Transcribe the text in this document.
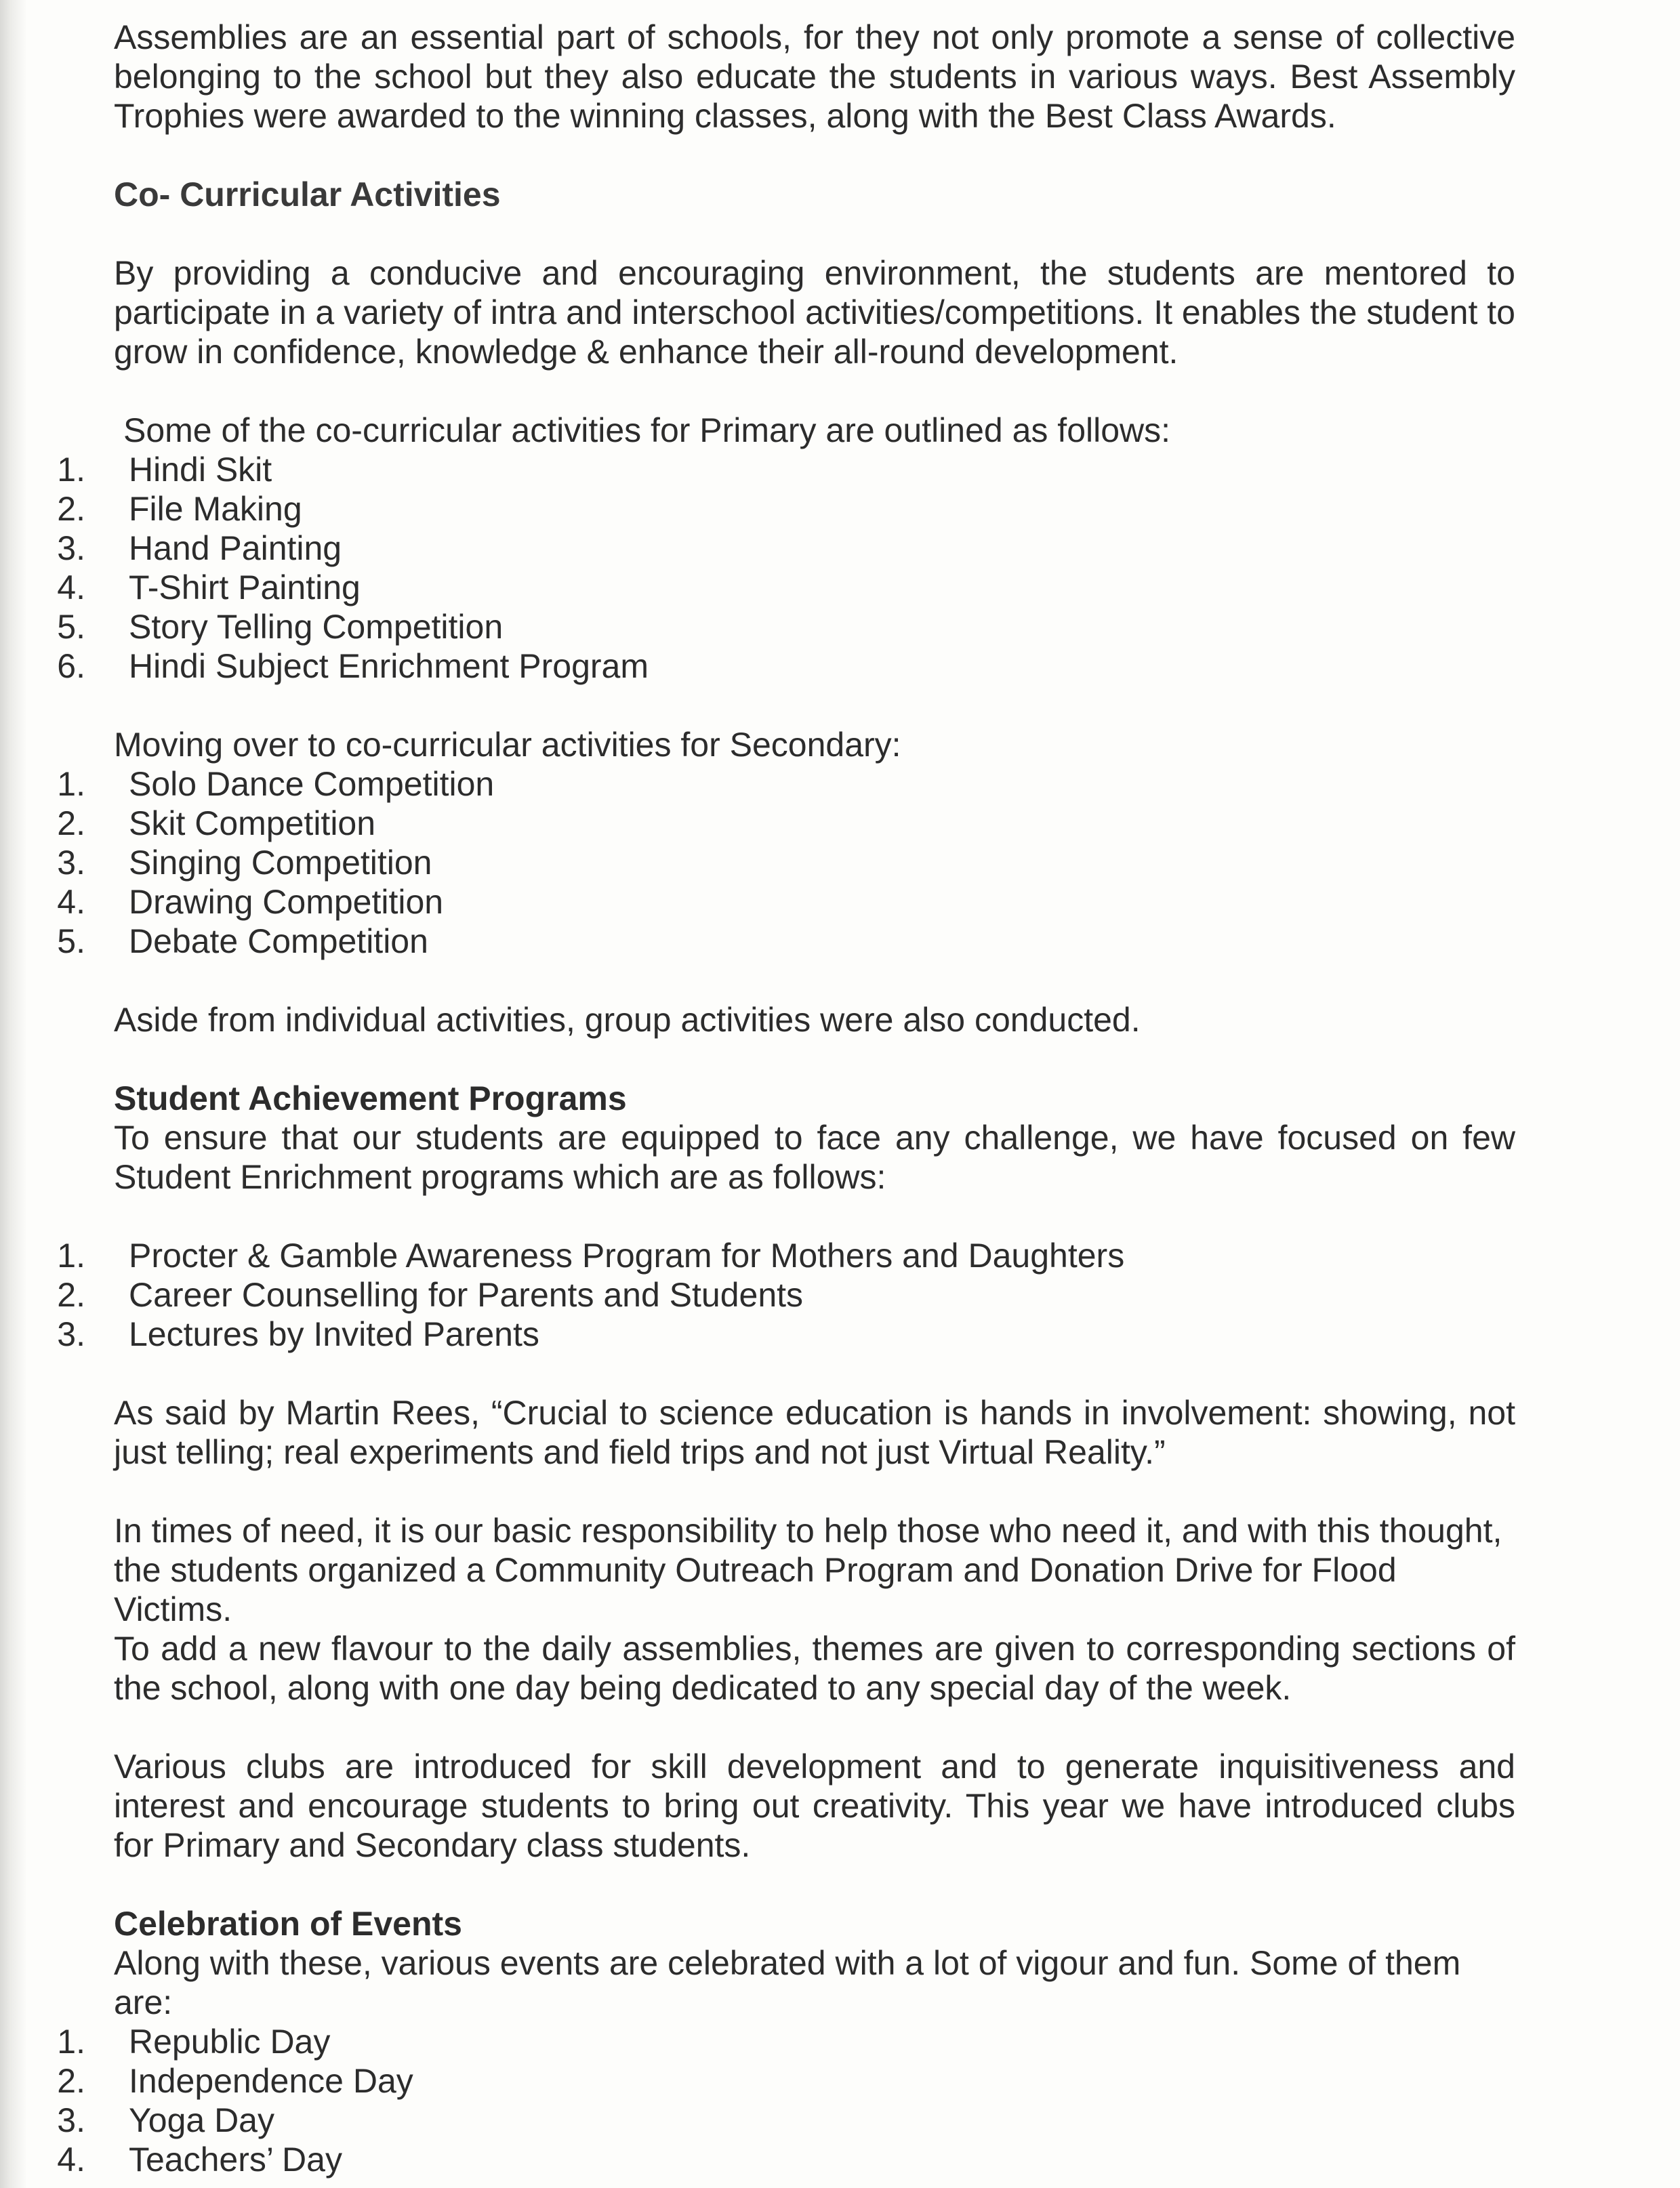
Assemblies are an essential part of schools, for they not only promote a sense of collective belonging to the school but they also educate the students in various ways. Best Assembly Trophies were awarded to the winning classes, along with the Best Class Awards.

Co- Curricular Activities

By providing a conducive and encouraging environment, the students are mentored to participate in a variety of intra and interschool activities/competitions. It enables the student to grow in confidence, knowledge & enhance their all-round development.

Some of the co-curricular activities for Primary are outlined as follows:

1. Hindi Skit
2. File Making
3. Hand Painting
4. T-Shirt Painting
5. Story Telling Competition
6. Hindi Subject Enrichment Program

Moving over to co-curricular activities for Secondary:

1. Solo Dance Competition
2. Skit Competition
3. Singing Competition
4. Drawing Competition
5. Debate Competition

Aside from individual activities, group activities were also conducted.

Student Achievement Programs

To ensure that our students are equipped to face any challenge, we have focused on few Student Enrichment programs which are as follows:

1. Procter & Gamble Awareness Program for Mothers and Daughters
2. Career Counselling for Parents and Students
3. Lectures by Invited Parents

As said by Martin Rees, “Crucial to science education is hands in involvement: showing, not just telling; real experiments and field trips and not just Virtual Reality.”

In times of need, it is our basic responsibility to help those who need it, and with this thought, the students organized a Community Outreach Program and Donation Drive for Flood Victims.

To add a new flavour to the daily assemblies, themes are given to corresponding sections of the school, along with one day being dedicated to any special day of the week.

Various clubs are introduced for skill development and to generate inquisitiveness and interest and encourage students to bring out creativity. This year we have introduced clubs for Primary and Secondary class students.

Celebration of Events

Along with these, various events are celebrated with a lot of vigour and fun. Some of them are:

1. Republic Day
2. Independence Day
3. Yoga Day
4. Teachers’ Day
